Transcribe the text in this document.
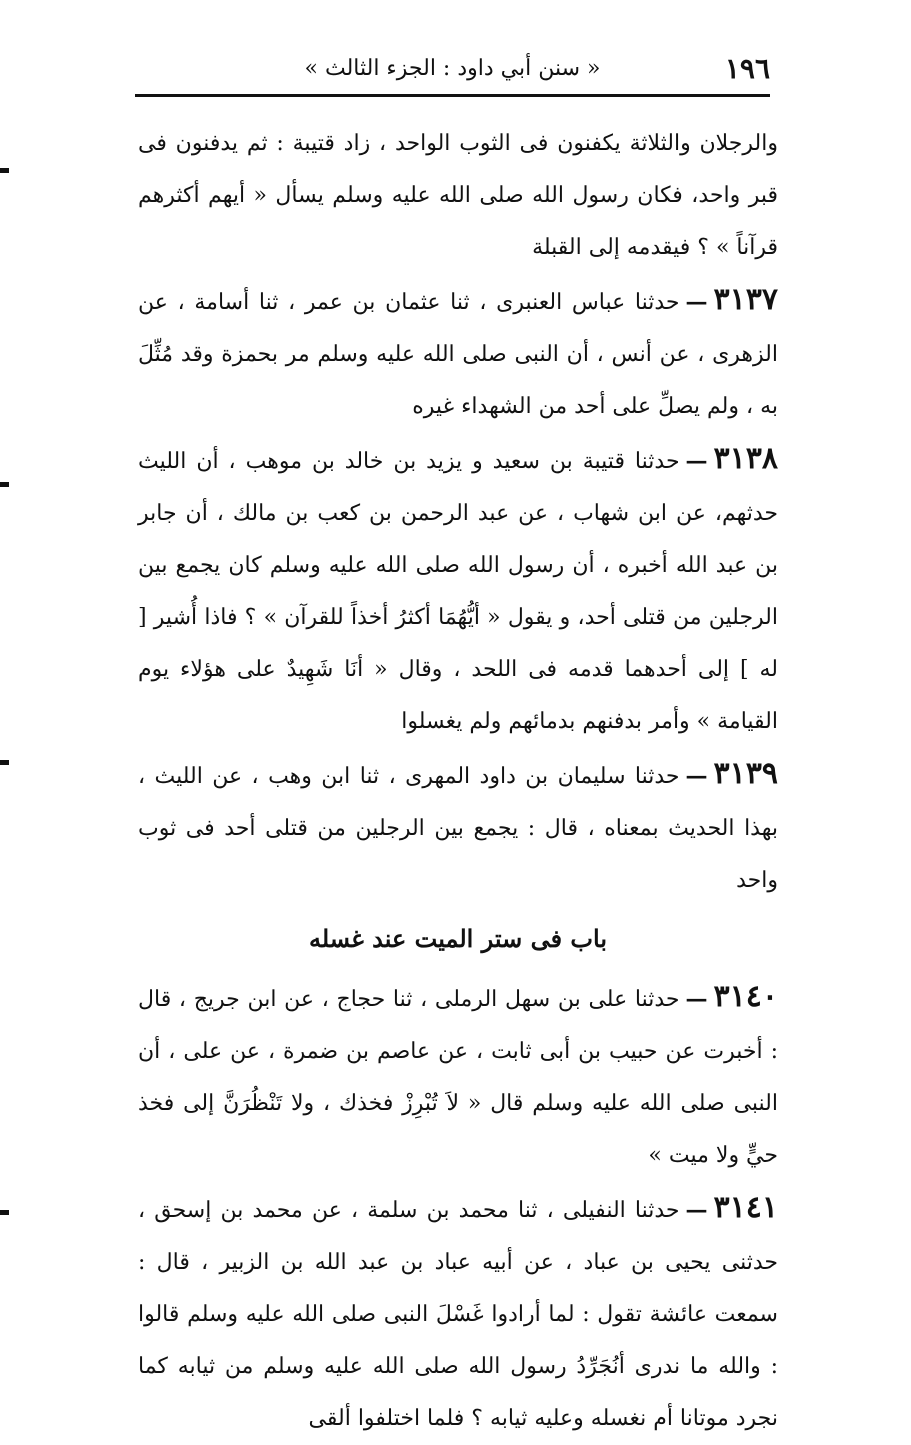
١٩٦
« سنن أبي داود : الجزء الثالث »

والرجلان والثلاثة يكفنون فى الثوب الواحد ، زاد قتيبة : ثم يدفنون فى قبر واحد، فكان رسول الله صلى الله عليه وسلم يسأل « أيهم أكثرهم قرآناً » ؟ فيقدمه إلى القبلة

٣١٣٧—حدثنا عباس العنبرى ، ثنا عثمان بن عمر ، ثنا أسامة ، عن الزهرى ، عن أنس ، أن النبى صلى الله عليه وسلم مر بحمزة وقد مُثِّلَ به ، ولم يصلِّ على أحد من الشهداء غيره

٣١٣٨—حدثنا قتيبة بن سعيد و يزيد بن خالد بن موهب ، أن الليث حدثهم، عن ابن شهاب ، عن عبد الرحمن بن كعب بن مالك ، أن جابر بن عبد الله أخبره ، أن رسول الله صلى الله عليه وسلم كان يجمع بين الرجلين من قتلى أحد، و يقول « أيُّهُمَا أكثرُ أخذاً للقرآن » ؟ فاذا أُشير [ له ] إلى أحدهما قدمه فى اللحد ، وقال « أنَا شَهِيدٌ على هؤلاء يوم القيامة » وأمر بدفنهم بدمائهم ولم يغسلوا

٣١٣٩—حدثنا سليمان بن داود المهرى ، ثنا ابن وهب ، عن الليث ، بهذا الحديث بمعناه ، قال : يجمع بين الرجلين من قتلى أحد فى ثوب واحد

باب فى ستر الميت عند غسله

٣١٤٠—حدثنا على بن سهل الرملى ، ثنا حجاج ، عن ابن جريج ، قال : أخبرت عن حبيب بن أبى ثابت ، عن عاصم بن ضمرة ، عن على ، أن النبى صلى الله عليه وسلم قال « لاَ تُبْرِزْ فخذك ، ولا تَنْظُرَنَّ إلى فخذ حيٍّ ولا ميت »

٣١٤١—حدثنا النفيلى ، ثنا محمد بن سلمة ، عن محمد بن إسحق ، حدثنى يحيى بن عباد ، عن أبيه عباد بن عبد الله بن الزبير ، قال : سمعت عائشة تقول : لما أرادوا غَسْلَ النبى صلى الله عليه وسلم قالوا : والله ما ندرى أنُجَرِّدُ رسول الله صلى الله عليه وسلم من ثيابه كما نجرد موتانا أم نغسله وعليه ثيابه ؟ فلما اختلفوا ألقى
